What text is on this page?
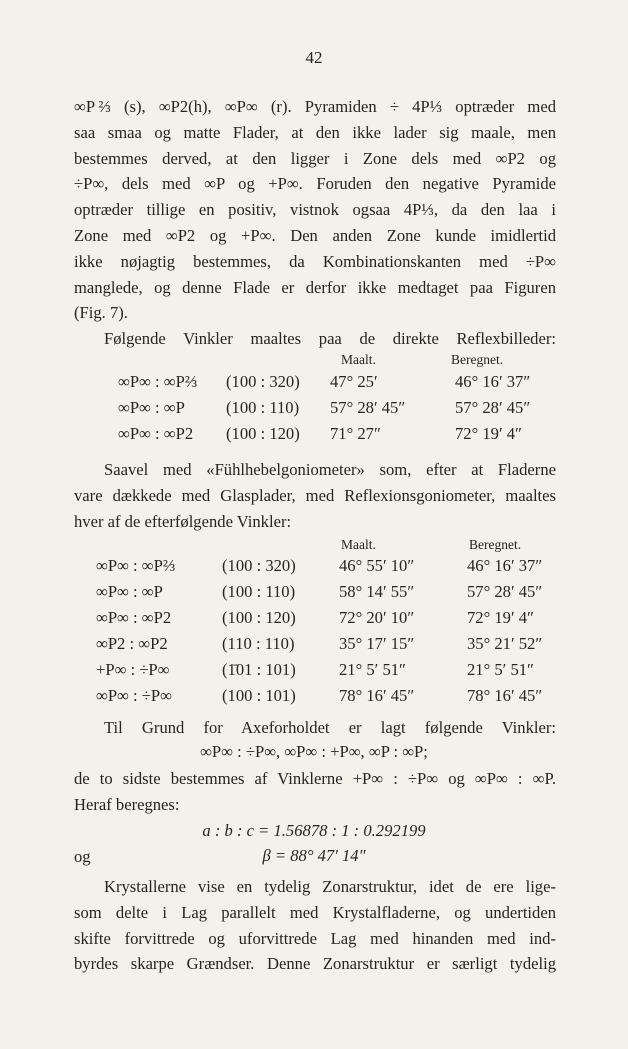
42
∞P ⅔ (s), ∞P2(h), ∞P∞ (r). Pyramiden ÷ 4P⅓ optræder med
saa smaa og matte Flader, at den ikke lader sig maale, men
bestemmes derved, at den ligger i Zone dels med ∞P2 og
÷P∞, dels med ∞P og +P∞. Foruden den negative Pyramide
optræder tillige en positiv, vistnok ogsaa 4P⅓, da den laa i
Zone med ∞P2 og +P∞. Den anden Zone kunde imidlertid
ikke nøjagtig bestemmes, da Kombinationskanten med ÷P∞
manglede, og denne Flade er derfor ikke medtaget paa Figuren
(Fig. 7).
Følgende Vinkler maaltes paa de direkte Reflexbilleder:
Maalt.	Beregnet.
∞P∞ : ∞P⅔ (100 : 320) 47° 25′	46° 16′ 37″
∞P∞ : ∞P (100 : 110) 57° 28′ 45″	57° 28′ 45″
∞P∞ : ∞P2 (100 : 120) 71° 27″	72° 19′ 4″
Saavel med «Fühlhebelgoniometer» som, efter at Fladerne
vare dækkede med Glasplader, med Reflexionsgoniometer, maaltes
hver af de efterfølgende Vinkler:
Maalt.	Beregnet.
∞P∞ : ∞P⅔	(100 : 320)	46° 55′ 10″	46° 16′ 37″
∞P∞ : ∞P	(100 : 110)	58° 14′ 55″	57° 28′ 45″
∞P∞ : ∞P2	(100 : 120)	72° 20′ 10″	72° 19′ 4″
∞P2 : ∞P2	(110 : 110)	35° 17′ 15″	35° 21′ 52″
+P∞ : ÷P∞	(1̄01 : 101)	21° 5′ 51″	21° 5′ 51″
∞P∞ : ÷P∞	(100 : 101)	78° 16′ 45″	78° 16′ 45″
Til Grund for Axeforholdet er lagt følgende Vinkler:
∞P∞ : ÷P∞, ∞P∞ : +P∞, ∞P : ∞P;
de to sidste bestemmes af Vinklerne +P∞ : ÷P∞ og ∞P∞ : ∞P.
Heraf beregnes:
a : b : c = 1.56878 : 1 : 0.292199
og	β = 88° 47′ 14″
Krystallerne vise en tydelig Zonarstruktur, idet de ere lige-
som delte i Lag parallelt med Krystalfladerne, og undertiden
skifte forvittrede og uforvittrede Lag med hinanden med ind-
byrdes skarpe Grændser. Denne Zonarstruktur er særligt tydelig
